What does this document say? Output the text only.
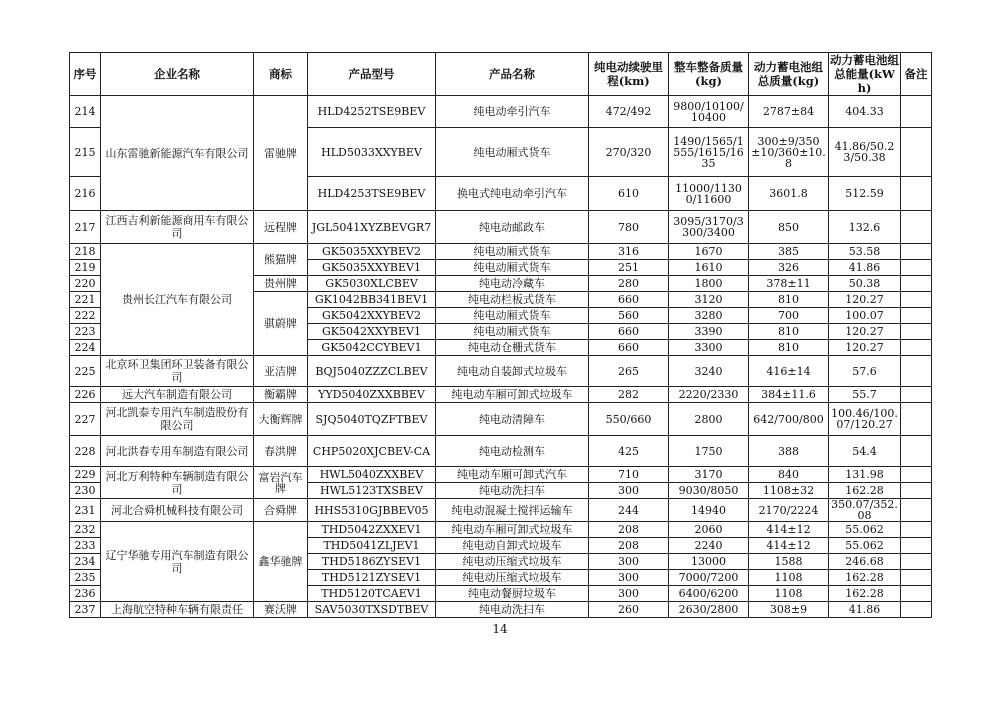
序号	企业名称	商标	产品型号	产品名称	纯电动续驶里程(km)	整车整备质量(kg)	动力蓄电池组总质量(kg)	动力蓄电池组总能量(kWh)	备注
214	山东雷驰新能源汽车有限公司	雷驰牌	HLD4252TSE9BEV	纯电动牵引汽车	472/492	9800/10100/10400	2787±84	404.33	
215			HLD5033XXYBEV	纯电动厢式货车	270/320	1490/1565/1555/1615/1635	300±9/350±10/360±10.8	41.86/50.23/50.38	
216			HLD4253TSE9BEV	换电式纯电动牵引汽车	610	11000/11300/11600	3601.8	512.59	
217	江西吉利新能源商用车有限公司	远程牌	JGL5041XYZBEVGR7	纯电动邮政车	780	3095/3170/3300/3400	850	132.6	
218	贵州长江汽车有限公司	熊猫牌	GK5035XXYBEV2	纯电动厢式货车	316	1670	385	53.58	
219			GK5035XXYBEV1	纯电动厢式货车	251	1610	326	41.86	
220		贵州牌	GK5030XLCBEV	纯电动冷藏车	280	1800	378±11	50.38	
221		骐蔚牌	GK1042BB341BEV1	纯电动栏板式货车	660	3120	810	120.27	
222			GK5042XXYBEV2	纯电动厢式货车	560	3280	700	100.07	
223			GK5042XXYBEV1	纯电动厢式货车	660	3390	810	120.27	
224			GK5042CCYBEV1	纯电动仓栅式货车	660	3300	810	120.27	
225	北京环卫集团环卫装备有限公司	亚洁牌	BQJ5040ZZZCLBEV	纯电动自装卸式垃圾车	265	3240	416±14	57.6	
226	远大汽车制造有限公司	衡霸牌	YYD5040ZXXBBEV	纯电动车厢可卸式垃圾车	282	2220/2330	384±11.6	55.7	
227	河北凯泰专用汽车制造股份有限公司	大衡辉牌	SJQ5040TQZFTBEV	纯电动清障车	550/660	2800	642/700/800	100.46/100.07/120.27	
228	河北洪春专用车制造有限公司	春洪牌	CHP5020XJCBEV-CA	纯电动检测车	425	1750	388	54.4	
229	河北万利特种车辆制造有限公司	富岩汽车牌	HWL5040ZXXBEV	纯电动车厢可卸式汽车	710	3170	840	131.98	
230			HWL5123TXSBEV	纯电动洗扫车	300	9030/8050	1108±32	162.28	
231	河北合舜机械科技有限公司	合舜牌	HHS5310GJBBEV05	纯电动混凝土搅拌运输车	244	14940	2170/2224	350.07/352.08	
232	辽宁华驰专用汽车制造有限公司	鑫华驰牌	THD5042ZXXEV1	纯电动车厢可卸式垃圾车	208	2060	414±12	55.062	
233			THD5041ZLJEV1	纯电动自卸式垃圾车	208	2240	414±12	55.062	
234			THD5186ZYSEV1	纯电动压缩式垃圾车	300	13000	1588	246.68	
235			THD5121ZYSEV1	纯电动压缩式垃圾车	300	7000/7200	1108	162.28	
236			THD5120TCAEV1	纯电动餐厨垃圾车	300	6400/6200	1108	162.28	
237	上海航空特种车辆有限责任	赛沃牌	SAV5030TXSDTBEV	纯电动洗扫车	260	2630/2800	308±9	41.86	
14
